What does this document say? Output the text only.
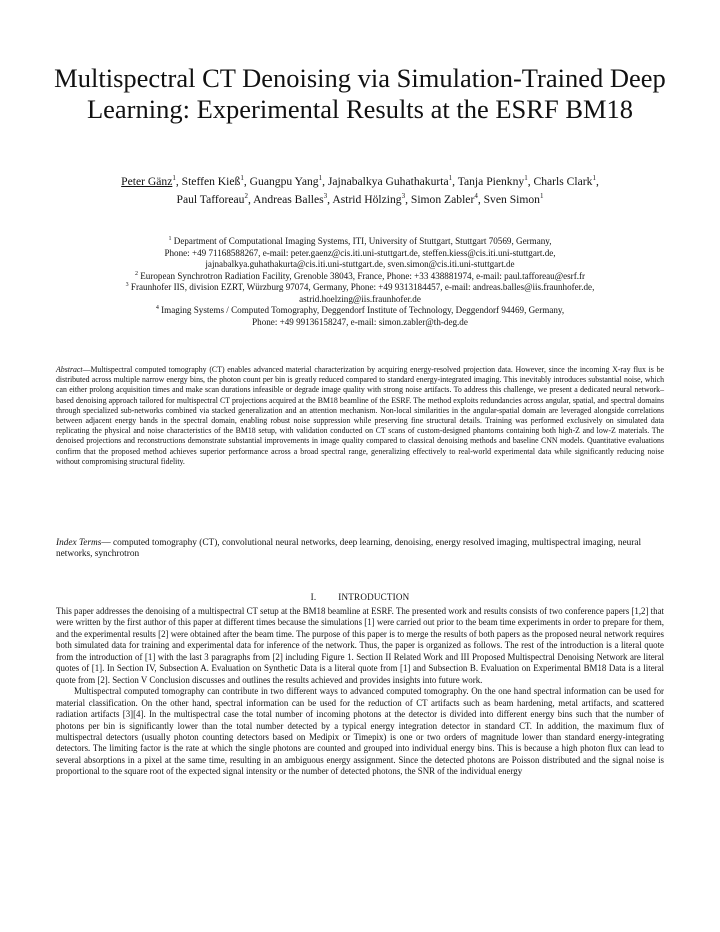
Multispectral CT Denoising via Simulation-Trained Deep Learning: Experimental Results at the ESRF BM18
Peter Gänz$^1$, Steffen Kieß$^1$, Guangpu Yang$^1$, Jajnabalkya Guhathakurta$^1$, Tanja Pienkny$^1$, Charls Clark$^1$,
Paul Tafforeau$^2$, Andreas Balles$^3$, Astrid Hölzing$^3$, Simon Zabler$^4$, Sven Simon$^1$
$^1$ Department of Computational Imaging Systems, ITI, University of Stuttgart, Stuttgart 70569, Germany,
Phone: +49 71168588267, e-mail: peter.gaenz@cis.iti.uni-stuttgart.de, steffen.kiess@cis.iti.uni-stuttgart.de,
jajnabalkya.guhathakurta@cis.iti.uni-stuttgart.de, sven.simon@cis.iti.uni-stuttgart.de
$^2$ European Synchrotron Radiation Facility, Grenoble 38043, France, Phone: +33 438881974, e-mail: paul.tafforeau@esrf.fr
$^3$ Fraunhofer IIS, division EZRT, Würzburg 97074, Germany, Phone: +49 9313184457, e-mail: andreas.balles@iis.fraunhofer.de,
astrid.hoelzing@iis.fraunhofer.de
$^4$ Imaging Systems / Computed Tomography, Deggendorf Institute of Technology, Deggendorf 94469, Germany,
Phone: +49 99136158247, e-mail: simon.zabler@th-deg.de
Abstract—Multispectral computed tomography (CT) enables advanced material characterization by acquiring energy-resolved projection data. However, since the incoming X-ray flux is be distributed across multiple narrow energy bins, the photon count per bin is greatly reduced compared to standard energy-integrated imaging. This inevitably introduces substantial noise, which can either prolong acquisition times and make scan durations infeasible or degrade image quality with strong noise artifacts. To address this challenge, we present a dedicated neural network–based denoising approach tailored for multispectral CT projections acquired at the BM18 beamline of the ESRF. The method exploits redundancies across angular, spatial, and spectral domains through specialized sub-networks combined via stacked generalization and an attention mechanism. Non-local similarities in the angular-spatial domain are leveraged alongside correlations between adjacent energy bands in the spectral domain, enabling robust noise suppression while preserving fine structural details. Training was performed exclusively on simulated data replicating the physical and noise characteristics of the BM18 setup, with validation conducted on CT scans of custom-designed phantoms containing both high-Z and low-Z materials. The denoised projections and reconstructions demonstrate substantial improvements in image quality compared to classical denoising methods and baseline CNN models. Quantitative evaluations confirm that the proposed method achieves superior performance across a broad spectral range, generalizing effectively to real-world experimental data while significantly reducing noise without compromising structural fidelity.
Index Terms— computed tomography (CT), convolutional neural networks, deep learning, denoising, energy resolved imaging, multispectral imaging, neural networks, synchrotron
I. INTRODUCTION

This paper addresses the denoising of a multispectral CT setup at the BM18 beamline at ESRF. The presented work and results consists of two conference papers [1,2] that were written by the first author of this paper at different times because the simulations [1] were carried out prior to the beam time experiments in order to prepare for them, and the experimental results [2] were obtained after the beam time. The purpose of this paper is to merge the results of both papers as the proposed neural network requires both simulated data for training and experimental data for inference of the network. Thus, the paper is organized as follows. The rest of the introduction is a literal quote from the introduction of [1] with the last 3 paragraphs from [2] including Figure 1. Section II Related Work and III Proposed Multispectral Denoising Network are literal quotes of [1]. In Section IV, Subsection A. Evaluation on Synthetic Data is a literal quote from [1] and Subsection B. Evaluation on Experimental BM18 Data is a literal quote from [2]. Section V Conclusion discusses and outlines the results achieved and provides insights into future work.

Multispectral computed tomography can contribute in two different ways to advanced computed tomography. On the one hand spectral information can be used for material classification. On the other hand, spectral information can be used for the reduction of CT artifacts such as beam hardening, metal artifacts, and scattered radiation artifacts [3][4]. In the multispectral case the total number of incoming photons at the detector is divided into different energy bins such that the number of photons per bin is significantly lower than the total number detected by a typical energy integration detector in standard CT. In addition, the maximum flux of multispectral detectors (usually photon counting detectors based on Medipix or Timepix) is one or two orders of magnitude lower than standard energy-integrating detectors. The limiting factor is the rate at which the single photons are counted and grouped into individual energy bins. This is because a high photon flux can lead to several absorptions in a pixel at the same time, resulting in an ambiguous energy assignment. Since the detected photons are Poisson distributed and the signal noise is proportional to the square root of the expected signal intensity or the number of detected photons, the SNR of the individual energy
